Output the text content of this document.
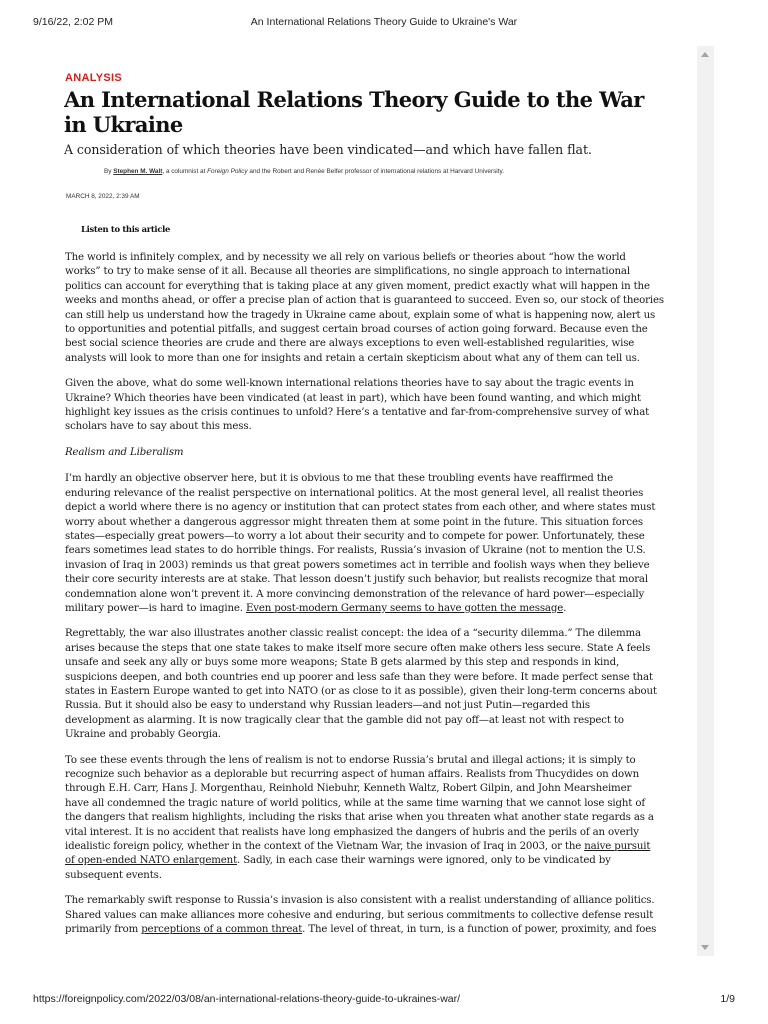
9/16/22, 2:02 PM	An International Relations Theory Guide to Ukraine's War
ANALYSIS
An International Relations Theory Guide to the War in Ukraine
A consideration of which theories have been vindicated—and which have fallen flat.
By Stephen M. Walt, a columnist at Foreign Policy and the Robert and Renée Belfer professor of international relations at Harvard University.
MARCH 8, 2022, 2:39 AM
Listen to this article

The world is infinitely complex, and by necessity we all rely on various beliefs or theories about “how the world
works” to try to make sense of it all. Because all theories are simplifications, no single approach to international
politics can account for everything that is taking place at any given moment, predict exactly what will happen in the
weeks and months ahead, or offer a precise plan of action that is guaranteed to succeed. Even so, our stock of theories
can still help us understand how the tragedy in Ukraine came about, explain some of what is happening now, alert us
to opportunities and potential pitfalls, and suggest certain broad courses of action going forward. Because even the
best social science theories are crude and there are always exceptions to even well-established regularities, wise
analysts will look to more than one for insights and retain a certain skepticism about what any of them can tell us.

Given the above, what do some well-known international relations theories have to say about the tragic events in
Ukraine? Which theories have been vindicated (at least in part), which have been found wanting, and which might
highlight key issues as the crisis continues to unfold? Here’s a tentative and far-from-comprehensive survey of what
scholars have to say about this mess.

Realism and Liberalism

I’m hardly an objective observer here, but it is obvious to me that these troubling events have reaffirmed the
enduring relevance of the realist perspective on international politics. At the most general level, all realist theories
depict a world where there is no agency or institution that can protect states from each other, and where states must
worry about whether a dangerous aggressor might threaten them at some point in the future. This situation forces
states—especially great powers—to worry a lot about their security and to compete for power. Unfortunately, these
fears sometimes lead states to do horrible things. For realists, Russia’s invasion of Ukraine (not to mention the U.S.
invasion of Iraq in 2003) reminds us that great powers sometimes act in terrible and foolish ways when they believe
their core security interests are at stake. That lesson doesn’t justify such behavior, but realists recognize that moral
condemnation alone won’t prevent it. A more convincing demonstration of the relevance of hard power—especially
military power—is hard to imagine. Even post-modern Germany seems to have gotten the message.

Regrettably, the war also illustrates another classic realist concept: the idea of a “security dilemma.” The dilemma
arises because the steps that one state takes to make itself more secure often make others less secure. State A feels
unsafe and seek any ally or buys some more weapons; State B gets alarmed by this step and responds in kind,
suspicions deepen, and both countries end up poorer and less safe than they were before. It made perfect sense that
states in Eastern Europe wanted to get into NATO (or as close to it as possible), given their long-term concerns about
Russia. But it should also be easy to understand why Russian leaders—and not just Putin—regarded this
development as alarming. It is now tragically clear that the gamble did not pay off—at least not with respect to
Ukraine and probably Georgia.

To see these events through the lens of realism is not to endorse Russia’s brutal and illegal actions; it is simply to
recognize such behavior as a deplorable but recurring aspect of human affairs. Realists from Thucydides on down
through E.H. Carr, Hans J. Morgenthau, Reinhold Niebuhr, Kenneth Waltz, Robert Gilpin, and John Mearsheimer
have all condemned the tragic nature of world politics, while at the same time warning that we cannot lose sight of
the dangers that realism highlights, including the risks that arise when you threaten what another state regards as a
vital interest. It is no accident that realists have long emphasized the dangers of hubris and the perils of an overly
idealistic foreign policy, whether in the context of the Vietnam War, the invasion of Iraq in 2003, or the naive pursuit
of open-ended NATO enlargement. Sadly, in each case their warnings were ignored, only to be vindicated by
subsequent events.

The remarkably swift response to Russia’s invasion is also consistent with a realist understanding of alliance politics.
Shared values can make alliances more cohesive and enduring, but serious commitments to collective defense result
primarily from perceptions of a common threat. The level of threat, in turn, is a function of power, proximity, and foes

https://foreignpolicy.com/2022/03/08/an-international-relations-theory-guide-to-ukraines-war/	1/9
